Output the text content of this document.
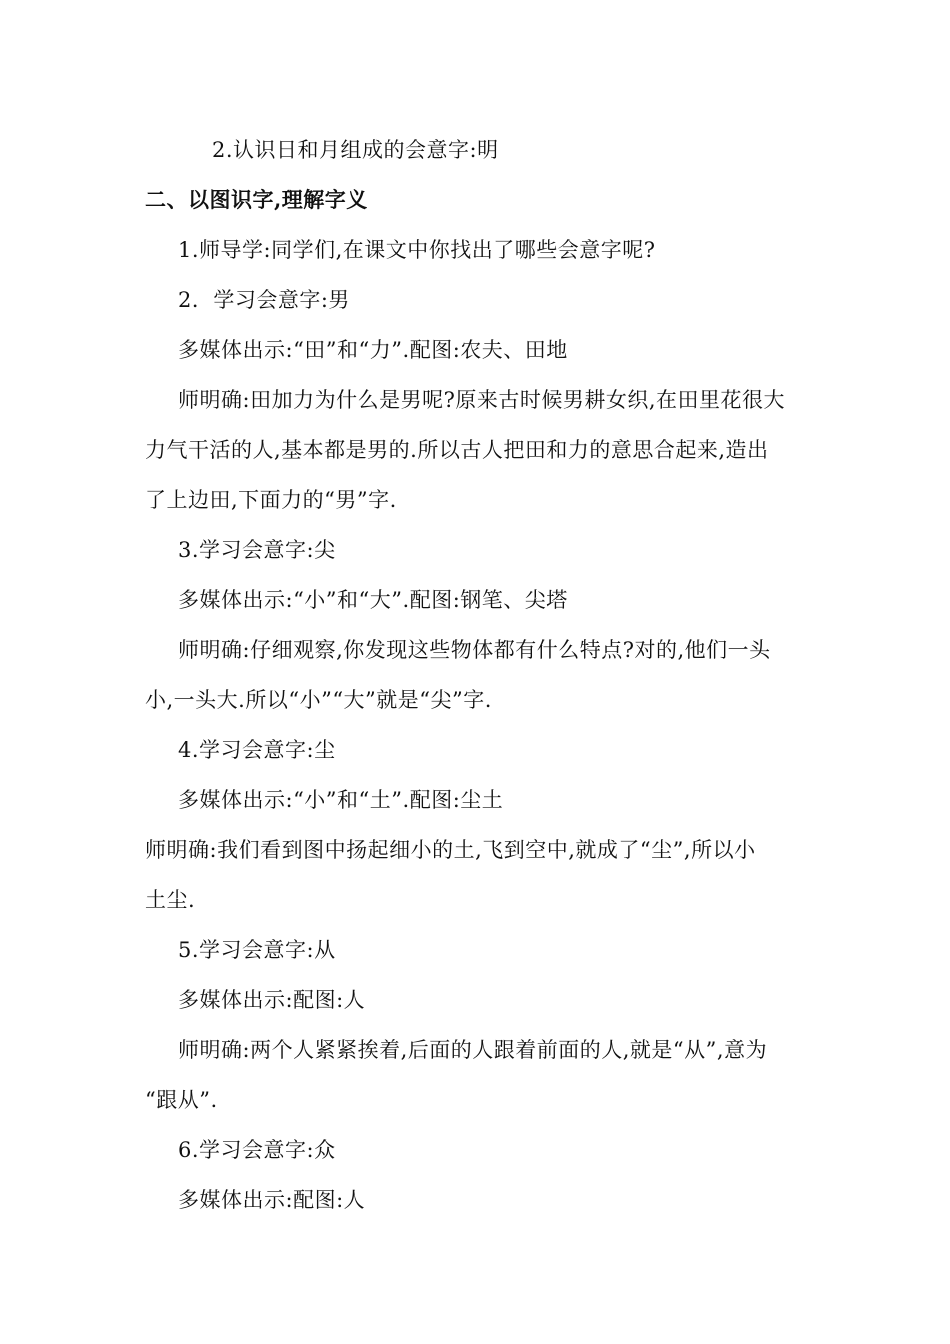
2.认识日和月组成的会意字:明
二、以图识字,理解字义
1.师导学:同学们,在课文中你找出了哪些会意字呢?
2．学习会意字:男
多媒体出示:“田”和“力”.配图:农夫、田地
师明确:田加力为什么是男呢?原来古时候男耕女织,在田里花很大
力气干活的人,基本都是男的.所以古人把田和力的意思合起来,造出
了上边田,下面力的“男”字.
3.学习会意字:尖
多媒体出示:“小”和“大”.配图:钢笔、尖塔
师明确:仔细观察,你发现这些物体都有什么特点?对的,他们一头
小,一头大.所以“小”“大”就是“尖”字.
4.学习会意字:尘
多媒体出示:“小”和“土”.配图:尘土
师明确:我们看到图中扬起细小的土,飞到空中,就成了“尘”,所以小
土尘.
5.学习会意字:从
多媒体出示:配图:人
师明确:两个人紧紧挨着,后面的人跟着前面的人,就是“从”,意为
“跟从”.
6.学习会意字:众
多媒体出示:配图:人
